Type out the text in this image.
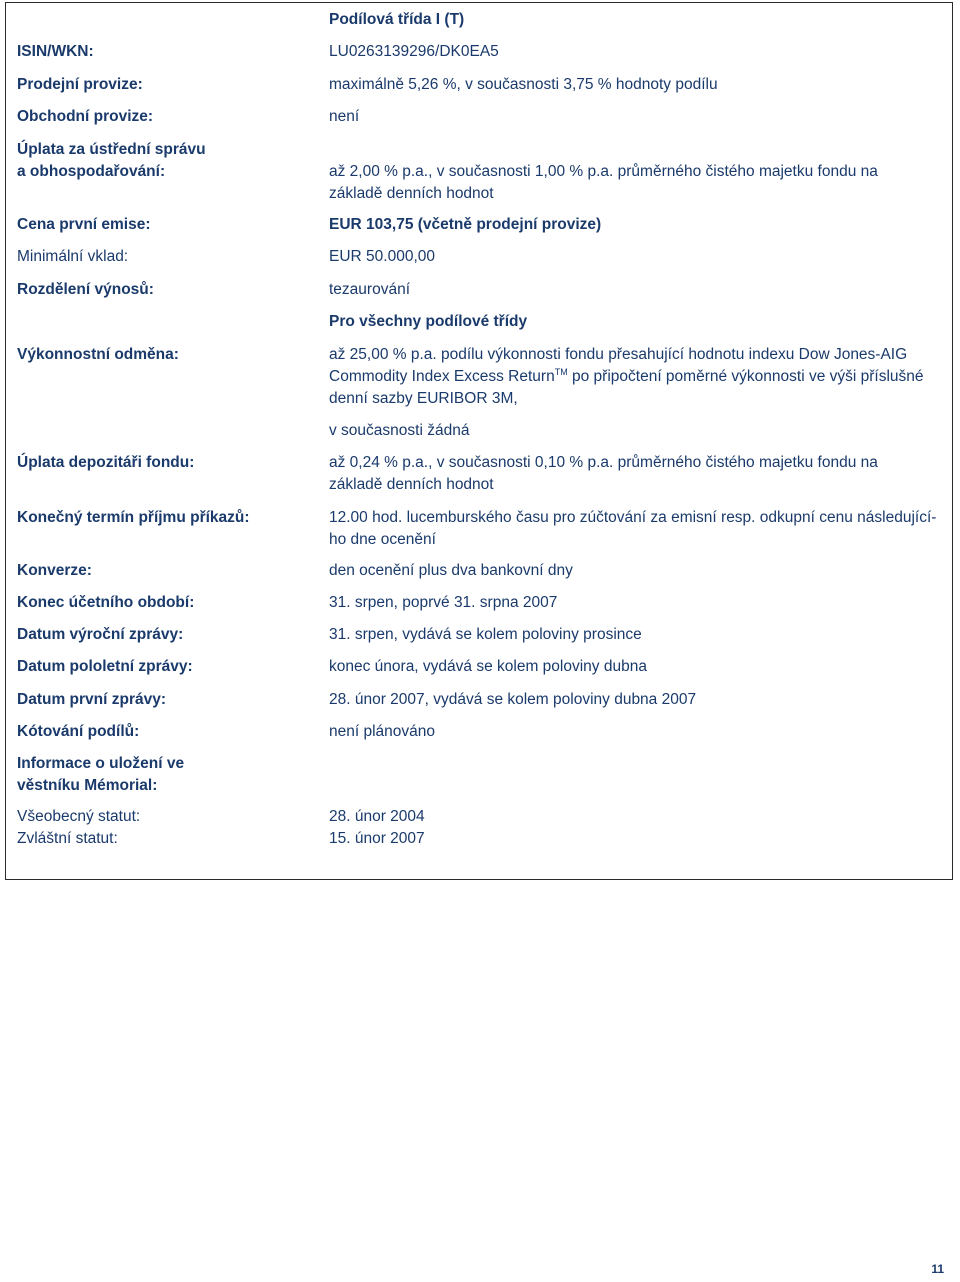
Podílová třída I (T)
ISIN/WKN:	LU0263139296/DK0EA5
Prodejní provize:	maximálně 5,26 %, v současnosti 3,75 % hodnoty podílu
Obchodní provize:	není
Úplata za ústřední správu
a obhospodařování:	až 2,00 % p.a., v současnosti 1,00 % p.a. průměrného čistého majetku fondu na
základě denních hodnot
Cena první emise:	EUR 103,75 (včetně prodejní provize)
Minimální vklad:	EUR 50.000,00
Rozdělení výnosů:	tezaurování
Pro všechny podílové třídy
Výkonnostní odměna:	až 25,00 % p.a. podílu výkonnosti fondu přesahující hodnotu indexu Dow Jones-AIG
Commodity Index Excess Return™ po připočtení poměrné výkonnosti ve výši příslušné
denní sazby EURIBOR 3M,
v současnosti žádná
Úplata depozitáři fondu:	až 0,24 % p.a., v současnosti 0,10 % p.a. průměrného čistého majetku fondu na
základě denních hodnot
Konečný termín příjmu příkazů:	12.00 hod. lucemburského času pro zúčtování za emisní resp. odkupní cenu následující-
ho dne ocenění
Konverze:	den ocenění plus dva bankovní dny
Konec účetního období:	31. srpen, poprvé 31. srpna 2007
Datum výroční zprávy:	31. srpen, vydává se kolem poloviny prosince
Datum pololetní zprávy:	konec února, vydává se kolem poloviny dubna
Datum první zprávy:	28. únor 2007, vydává se kolem poloviny dubna 2007
Kótování podílů:	není plánováno
Informace o uložení ve
věstníku Mémorial:
Všeobecný statut:	28. únor 2004
Zvláštní statut:	15. únor 2007
11
